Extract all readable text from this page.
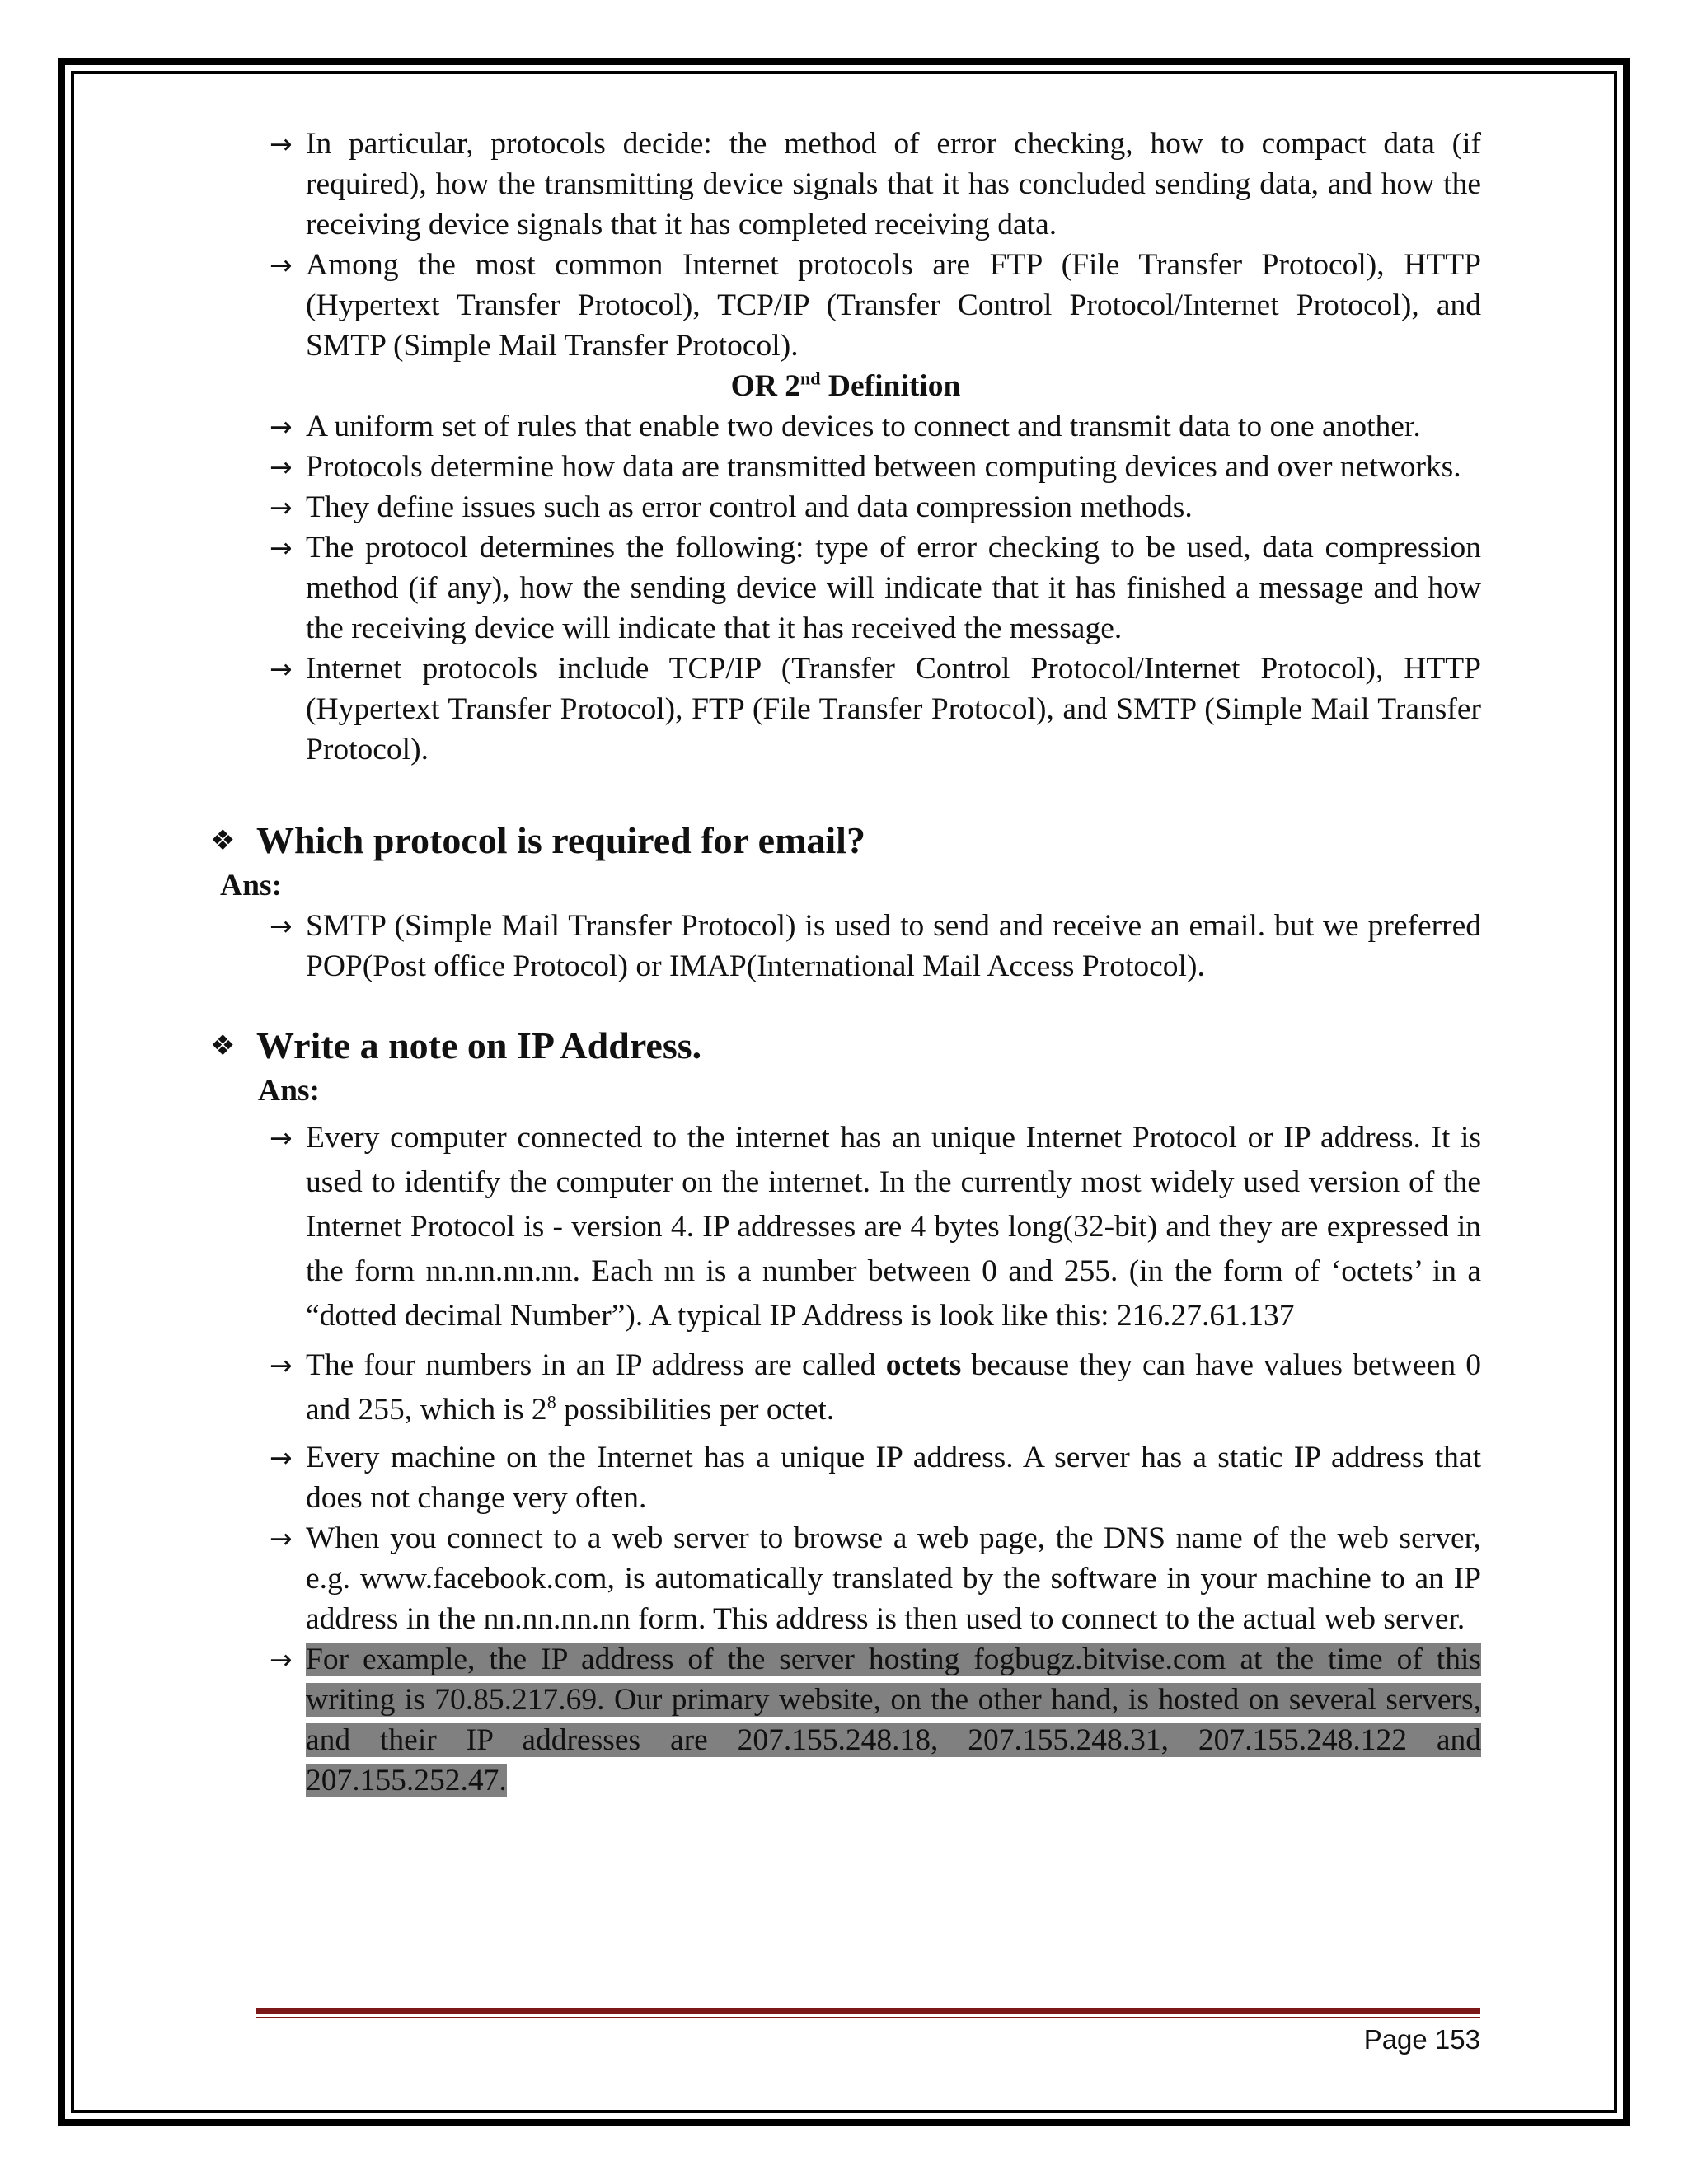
→ In particular, protocols decide: the method of error checking, how to compact data (if required), how the transmitting device signals that it has concluded sending data, and how the receiving device signals that it has completed receiving data.
→ Among the most common Internet protocols are FTP (File Transfer Protocol), HTTP (Hypertext Transfer Protocol), TCP/IP (Transfer Control Protocol/Internet Protocol), and SMTP (Simple Mail Transfer Protocol).
OR 2nd Definition
→ A uniform set of rules that enable two devices to connect and transmit data to one another.
→ Protocols determine how data are transmitted between computing devices and over networks.
→ They define issues such as error control and data compression methods.
→ The protocol determines the following: type of error checking to be used, data compression method (if any), how the sending device will indicate that it has finished a message and how the receiving device will indicate that it has received the message.
→ Internet protocols include TCP/IP (Transfer Control Protocol/Internet Protocol), HTTP (Hypertext Transfer Protocol), FTP (File Transfer Protocol), and SMTP (Simple Mail Transfer Protocol).
❖ Which protocol is required for email?
Ans:
→ SMTP (Simple Mail Transfer Protocol) is used to send and receive an email. but we preferred POP(Post office Protocol) or IMAP(International Mail Access Protocol).
❖ Write a note on IP Address.
Ans:
→ Every computer connected to the internet has an unique Internet Protocol or IP address. It is used to identify the computer on the internet. In the currently most widely used version of the Internet Protocol is - version 4. IP addresses are 4 bytes long(32-bit) and they are expressed in the form nn.nn.nn.nn. Each nn is a number between 0 and 255. (in the form of ‘octets’ in a “dotted decimal Number”). A typical IP Address is look like this: 216.27.61.137
→ The four numbers in an IP address are called octets because they can have values between 0 and 255, which is $2^8$ possibilities per octet.
→ Every machine on the Internet has a unique IP address. A server has a static IP address that does not change very often.
→ When you connect to a web server to browse a web page, the DNS name of the web server, e.g. www.facebook.com, is automatically translated by the software in your machine to an IP address in the nn.nn.nn.nn form. This address is then used to connect to the actual web server.
→ For example, the IP address of the server hosting fogbugz.bitvise.com at the time of this writing is 70.85.217.69. Our primary website, on the other hand, is hosted on several servers, and their IP addresses are 207.155.248.18, 207.155.248.31, 207.155.248.122 and 207.155.252.47.
Page 153
